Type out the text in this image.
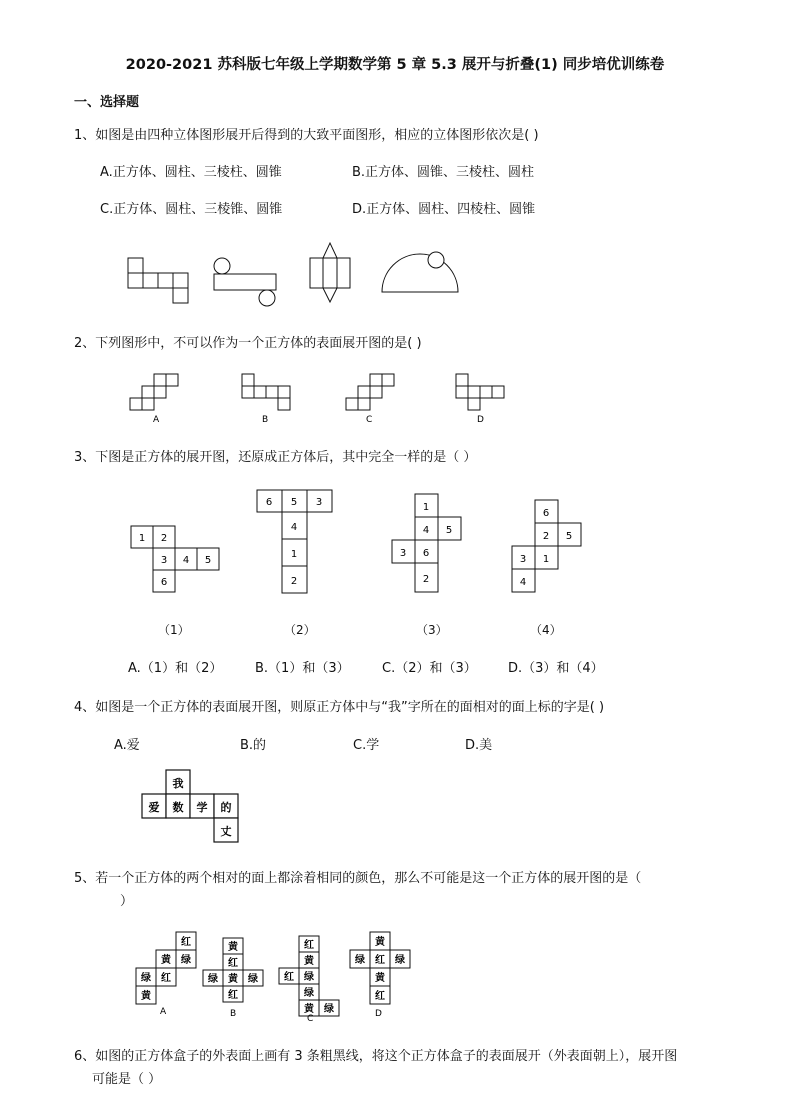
2020-2021 苏科版七年级上学期数学第 5 章 5.3 展开与折叠(1) 同步培优训练卷
一、选择题
1、如图是由四种立体图形展开后得到的大致平面图形，相应的立体图形依次是( )
A.正方体、圆柱、三棱柱、圆锥	B.正方体、圆锥、三棱柱、圆柱
C.正方体、圆柱、三棱锥、圆锥	D.正方体、圆柱、四棱柱、圆锥
2、下列图形中，不可以作为一个正方体的表面展开图的是( )
A	B	C	D
3、下图是正方体的展开图，还原成正方体后，其中完全一样的是（ ）
1 2
3 4 5
6
6 5 3
4
1
2
1
4 5
3 6
2
6
2 5
3 1
4
（1）	（2）	（3）	（4）
A.（1）和（2）	B.（1）和（3） C.（2）和（3） D.（3）和（4）
4、如图是一个正方体的表面展开图，则原正方体中与“我”字所在的面相对的面上标的字是( )
A.爱	B.的	C.学	D.美
我
爱 数 学 的
丈
5、若一个正方体的两个相对的面上都涂着相同的颜色，那么不可能是这一个正方体的展开图的是（
）
红
黄 绿
绿 红
黄
黄
红
绿 黄 绿
红
红
黄
红 绿
绿
黄 绿
黄
绿 红 绿
黄
红
A	B	C	D
6、如图的正方体盒子的外表面上画有 3 条粗黑线，将这个正方体盒子的表面展开（外表面朝上），展开图
可能是（ ）
